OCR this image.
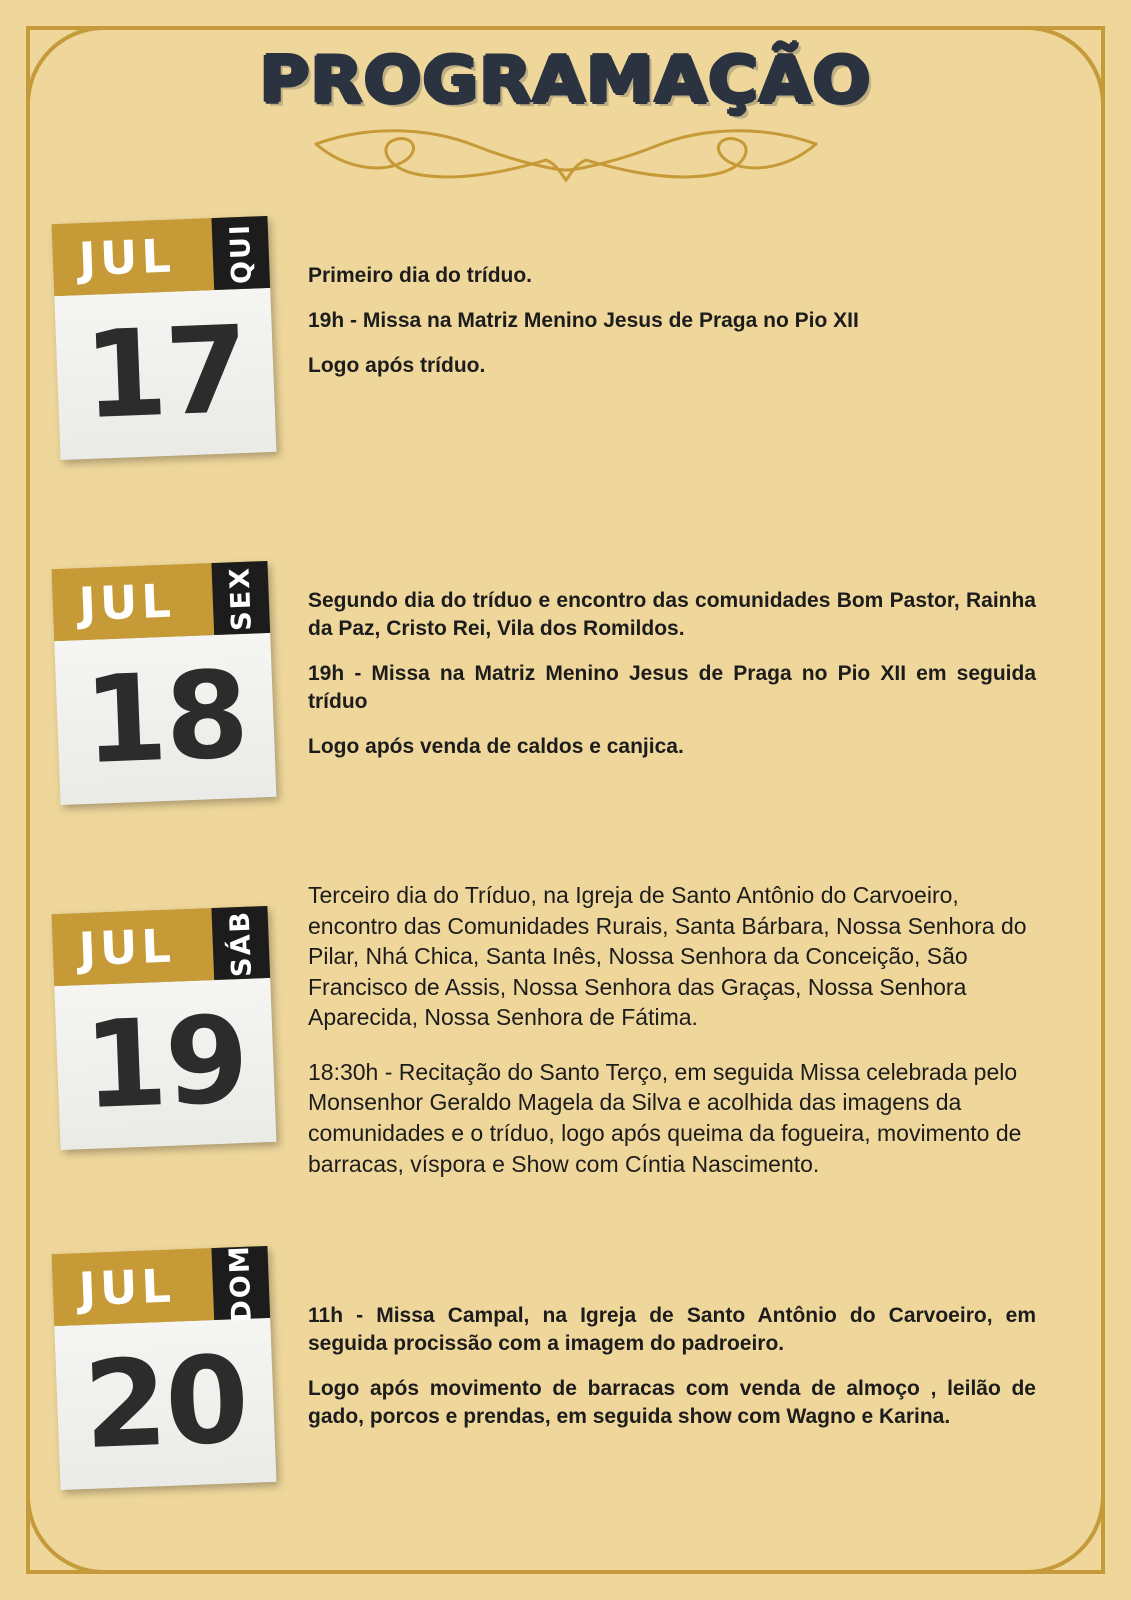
PROGRAMAÇÃO
JUL QUI
17

Primeiro dia do tríduo.

19h - Missa na Matriz Menino Jesus de Praga no Pio XII

Logo após tríduo.

JUL SEX
18

Segundo dia do tríduo e encontro das comunidades Bom Pastor, Rainha da Paz, Cristo Rei, Vila dos Romildos.

19h - Missa na Matriz Menino Jesus de Praga no Pio XII em seguida tríduo

Logo após venda de caldos e canjica.

JUL SÁB
19

Terceiro dia do Tríduo, na Igreja de Santo Antônio do Carvoeiro, encontro das Comunidades Rurais, Santa Bárbara, Nossa Senhora do Pilar, Nhá Chica, Santa Inês, Nossa Senhora da Conceição, São Francisco de Assis, Nossa Senhora das Graças, Nossa Senhora Aparecida, Nossa Senhora de Fátima.

18:30h - Recitação do Santo Terço, em seguida Missa celebrada pelo Monsenhor Geraldo Magela da Silva e acolhida das imagens da comunidades e o tríduo, logo após queima da fogueira, movimento de barracas, víspora e Show com Cíntia Nascimento.

JUL DOM
20

11h - Missa Campal, na Igreja de Santo Antônio do Carvoeiro, em seguida procissão com a imagem do padroeiro.

Logo após movimento de barracas com venda de almoço , leilão de gado, porcos e prendas, em seguida show com Wagno e Karina.
